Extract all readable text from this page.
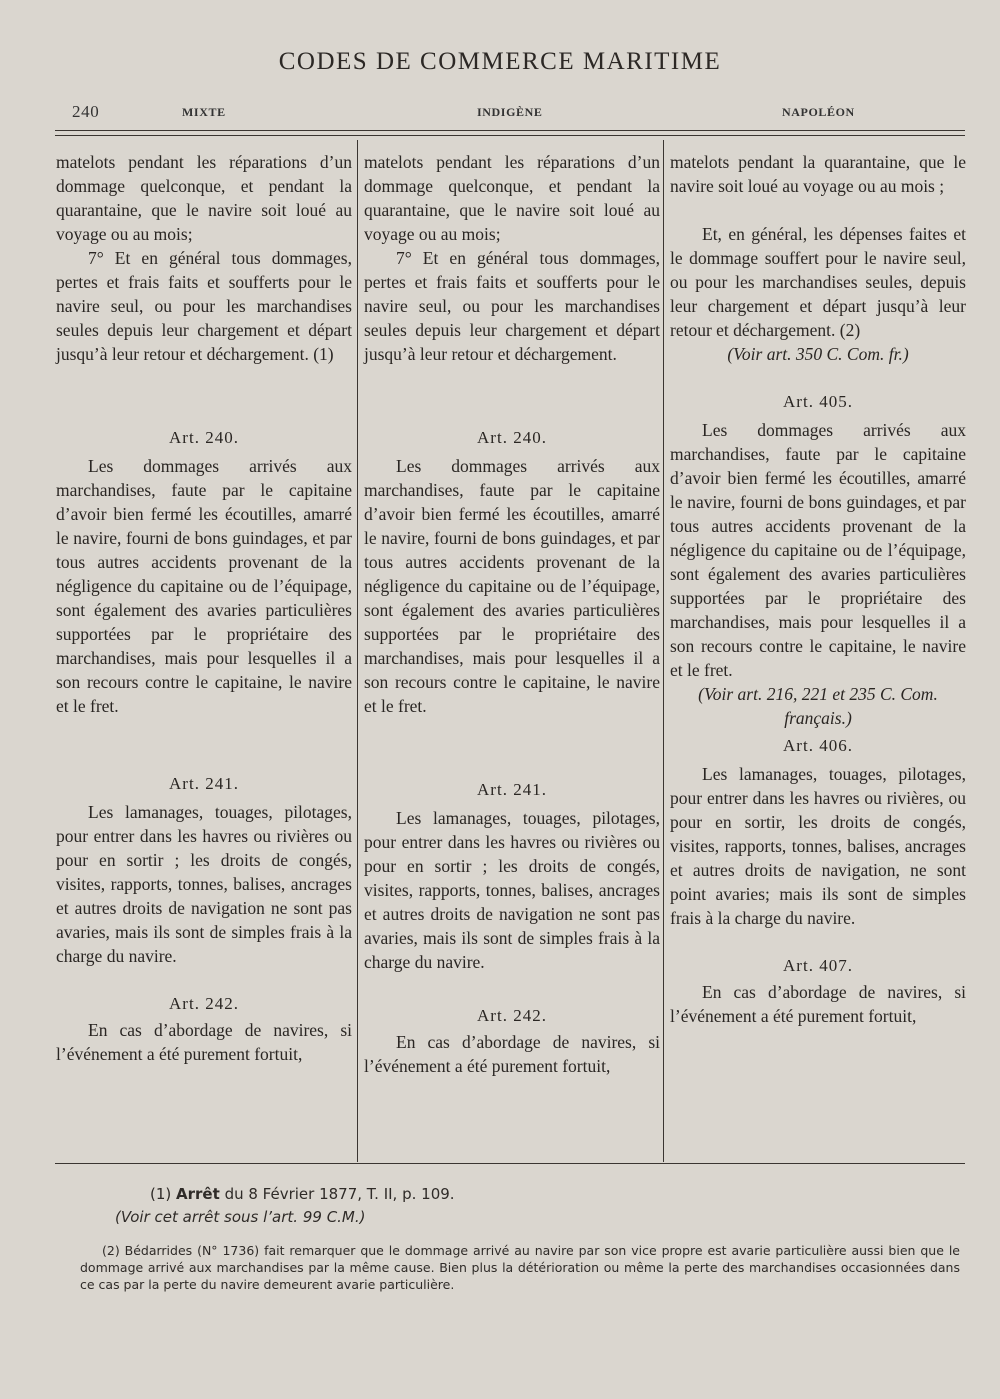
CODES DE COMMERCE MARITIME
240	MIXTE	INDIGÈNE	NAPOLÉON

matelots pendant les réparations d’un dommage quelconque, et pendant la quarantaine, que le navire soit loué au voyage ou au mois;

7° Et en général tous dommages, pertes et frais faits et soufferts pour le navire seul, ou pour les marchandises seules depuis leur chargement et départ jusqu’à leur retour et déchargement. (1)

Art. 240.

Les dommages arrivés aux marchandises, faute par le capitaine d’avoir bien fermé les écoutilles, amarré le navire, fourni de bons guindages, et par tous autres accidents provenant de la négligence du capitaine ou de l’équipage, sont également des avaries particulières supportées par le propriétaire des marchandises, mais pour lesquelles il a son recours contre le capitaine, le navire et le fret.

Art. 241.

Les lamanages, touages, pilotages, pour entrer dans les havres ou rivières ou pour en sortir ; les droits de congés, visites, rapports, tonnes, balises, ancrages et autres droits de navigation ne sont pas avaries, mais ils sont de simples frais à la charge du navire.

Art. 242.

En cas d’abordage de navires, si l’événement a été purement fortuit,

matelots pendant les réparations d’un dommage quelconque, et pendant la quarantaine, que le navire soit loué au voyage ou au mois;

7° Et en général tous dommages, pertes et frais faits et soufferts pour le navire seul, ou pour les marchandises seules depuis leur chargement et départ jusqu’à leur retour et déchargement.

Art. 240.

Les dommages arrivés aux marchandises, faute par le capitaine d’avoir bien fermé les écoutilles, amarré le navire, fourni de bons guindages, et par tous autres accidents provenant de la négligence du capitaine ou de l’équipage, sont également des avaries particulières supportées par le propriétaire des marchandises, mais pour lesquelles il a son recours contre le capitaine, le navire et le fret.

Art. 241.

Les lamanages, touages, pilotages, pour entrer dans les havres ou rivières ou pour en sortir ; les droits de congés, visites, rapports, tonnes, balises, ancrages et autres droits de navigation ne sont pas avaries, mais ils sont de simples frais à la charge du navire.

Art. 242.

En cas d’abordage de navires, si l’événement a été purement fortuit,

matelots pendant la quarantaine, que le navire soit loué au voyage ou au mois ;

Et, en général, les dépenses faites et le dommage souffert pour le navire seul, ou pour les marchandises seules, depuis leur chargement et départ jusqu’à leur retour et déchargement. (2)

(Voir art. 350 C. Com. fr.)

Art. 405.

Les dommages arrivés aux marchandises, faute par le capitaine d’avoir bien fermé les écoutilles, amarré le navire, fourni de bons guindages, et par tous autres accidents provenant de la négligence du capitaine ou de l’équipage, sont également des avaries particulières supportées par le propriétaire des marchandises, mais pour lesquelles il a son recours contre le capitaine, le navire et le fret.

(Voir art. 216, 221 et 235 C. Com. français.)

Art. 406.

Les lamanages, touages, pilotages, pour entrer dans les havres ou rivières, ou pour en sortir, les droits de congés, visites, rapports, tonnes, balises, ancrages et autres droits de navigation, ne sont point avaries; mais ils sont de simples frais à la charge du navire.

Art. 407.

En cas d’abordage de navires, si l’événement a été purement fortuit,

(1) Arrêt du 8 Février 1877, T. II, p. 109.

(Voir cet arrêt sous l’art. 99 C.M.)

(2) Bédarrides (N° 1736) fait remarquer que le dommage arrivé au navire par son vice propre est avarie particulière aussi bien que le dommage arrivé aux marchandises par la même cause. Bien plus la détérioration ou même la perte des marchandises occasionnées dans ce cas par la perte du navire demeurent avarie particulière.
